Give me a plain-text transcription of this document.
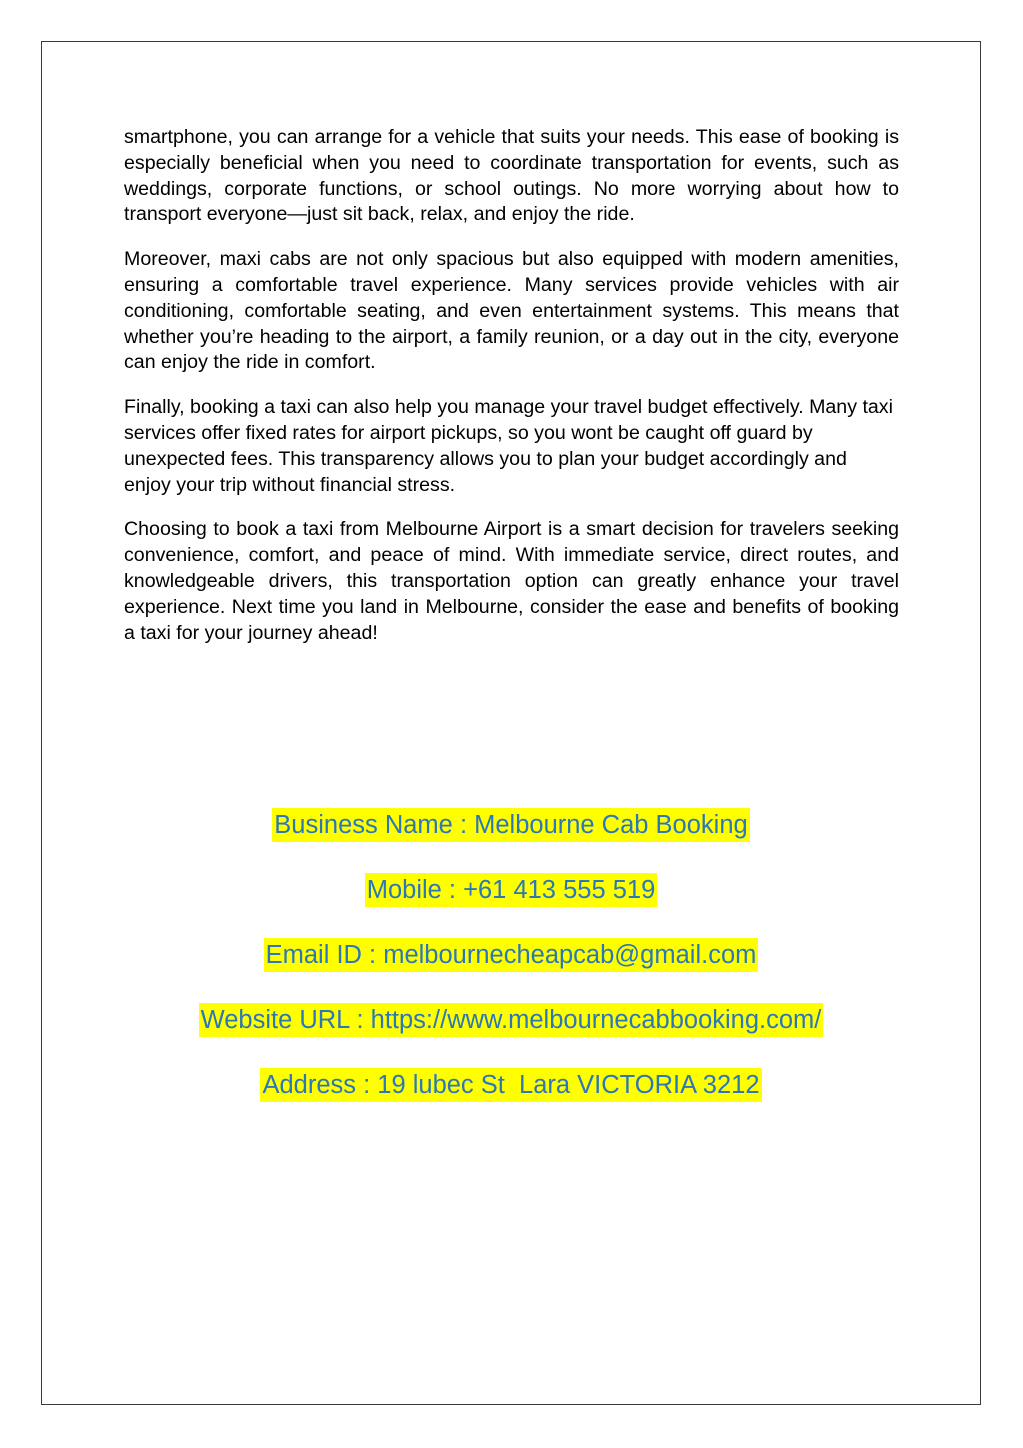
smartphone, you can arrange for a vehicle that suits your needs. This ease of booking is especially beneficial when you need to coordinate transportation for events, such as weddings, corporate functions, or school outings. No more worrying about how to transport everyone—just sit back, relax, and enjoy the ride.

Moreover, maxi cabs are not only spacious but also equipped with modern amenities, ensuring a comfortable travel experience. Many services provide vehicles with air conditioning, comfortable seating, and even entertainment systems. This means that whether you’re heading to the airport, a family reunion, or a day out in the city, everyone can enjoy the ride in comfort.

Finally, booking a taxi can also help you manage your travel budget effectively. Many taxi services offer fixed rates for airport pickups, so you wont be caught off guard by unexpected fees. This transparency allows you to plan your budget accordingly and enjoy your trip without financial stress.

Choosing to book a taxi from Melbourne Airport is a smart decision for travelers seeking convenience, comfort, and peace of mind. With immediate service, direct routes, and knowledgeable drivers, this transportation option can greatly enhance your travel experience. Next time you land in Melbourne, consider the ease and benefits of booking a taxi for your journey ahead!

Business Name : Melbourne Cab Booking
Mobile : +61 413 555 519
Email ID : melbournecheapcab@gmail.com
Website URL : https://www.melbournecabbooking.com/
Address : 19 lubec St  Lara VICTORIA 3212
